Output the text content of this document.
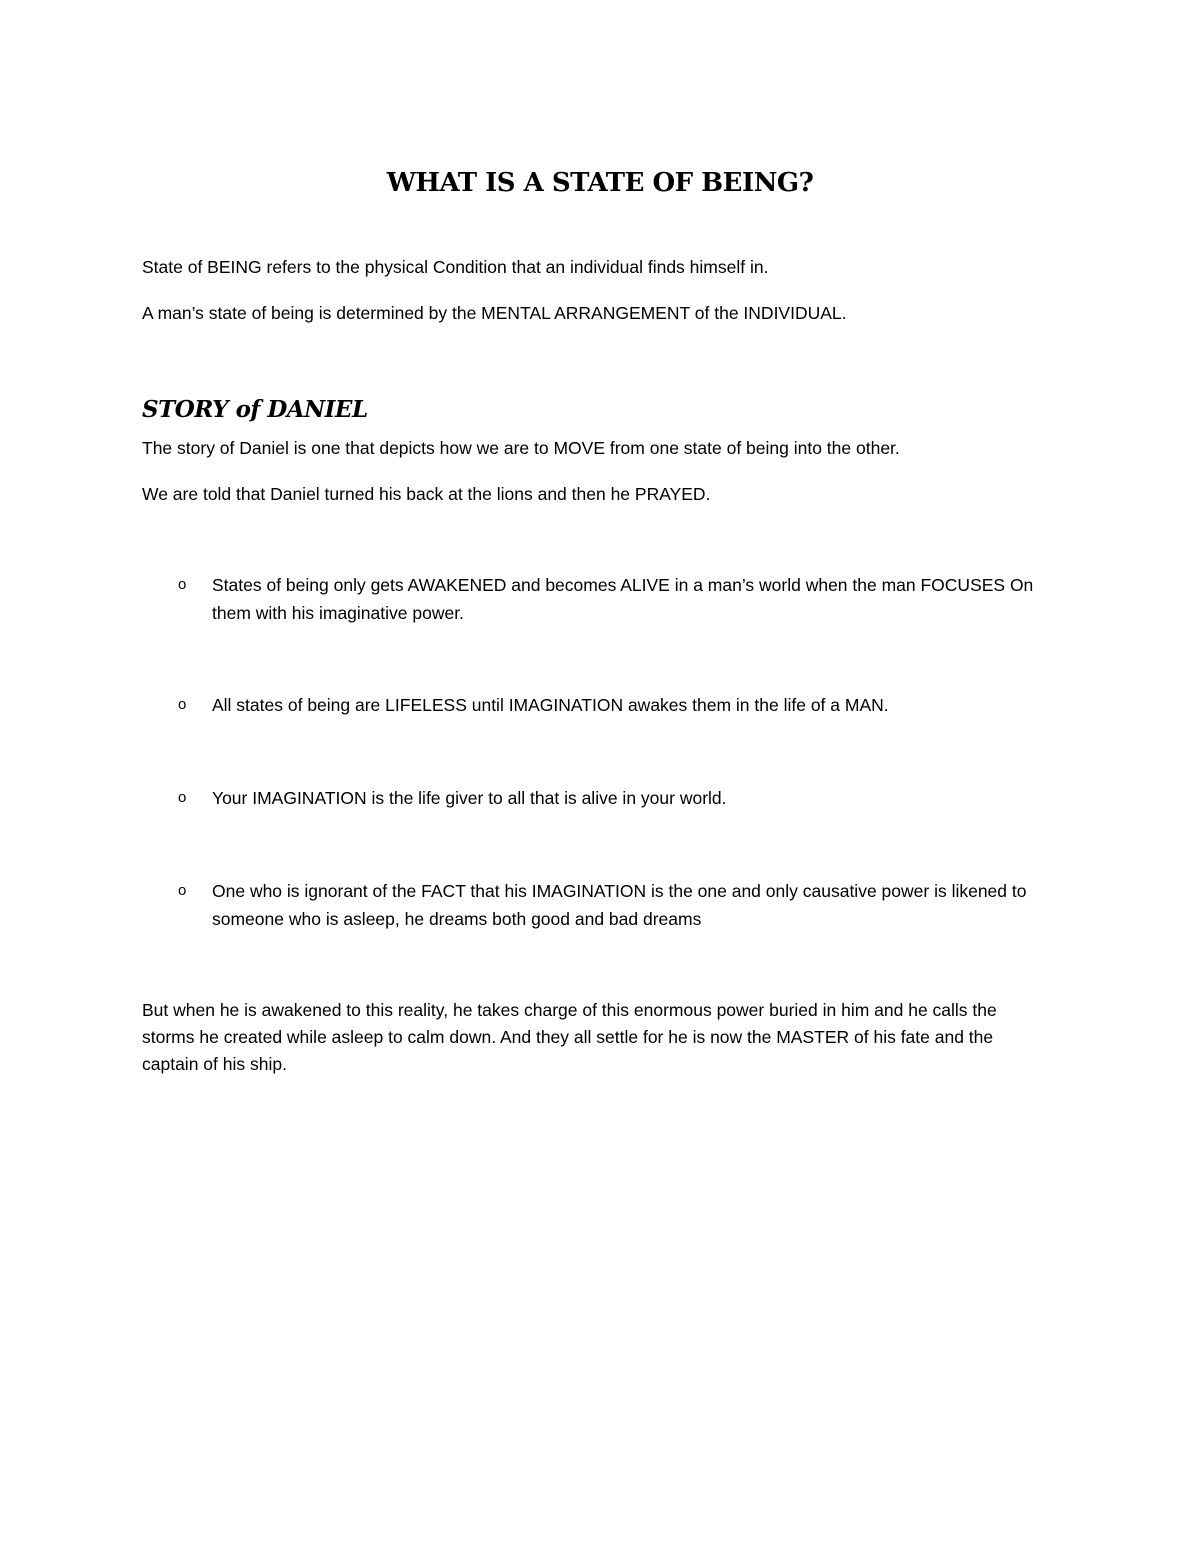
WHAT IS A STATE OF BEING?

State of BEING refers to the physical Condition that an individual finds himself in.

A man’s state of being is determined by the MENTAL ARRANGEMENT of the INDIVIDUAL.

STORY of DANIEL

The story of Daniel is one that depicts how we are to MOVE from one state of being into the other.

We are told that Daniel turned his back at the lions and then he PRAYED.

o	States of being only gets AWAKENED and becomes ALIVE in a man’s world when the man FOCUSES On them with his imaginative power.
o	All states of being are LIFELESS until IMAGINATION awakes them in the life of a MAN.
o	Your IMAGINATION is the life giver to all that is alive in your world.
o	One who is ignorant of the FACT that his IMAGINATION is the one and only causative power is likened to someone who is asleep, he dreams both good and bad dreams

But when he is awakened to this reality, he takes charge of this enormous power buried in him and he calls the storms he created while asleep to calm down. And they all settle for he is now the MASTER of his fate and the captain of his ship.
